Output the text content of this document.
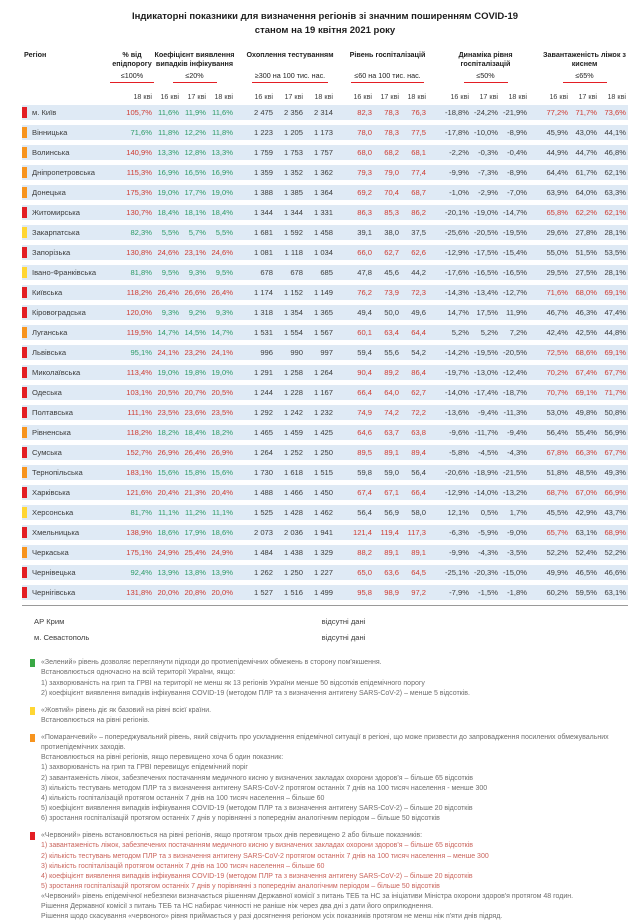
Індикаторні показники для визначення регіонів зі значним поширенням COVID-19
станом на 19 квітня 2021 року
Регіон	% від епідпорогу
Коефіцієнт виявлення випадків інфікування
Охоплення тестуванням	Рівень госпіталізацій	Динаміка рівня госпіталізацій
Завантаженість ліжок з киснем
≤100%	≤20%	≥300 на 100 тис. нас.	≤60 на 100 тис. нас.	≤50%	≤65%
18 кві	16 кві	17 кві	18 кві	16 кві	17 кві	18 кві	16 кві	17 кві	18 кві	16 кві	17 кві	18 кві	16 кві	17 кві	18 кві
м. Київ	105,7% 11,6% 11,9% 11,6%	2 475	2 356	2 314	82,3	78,3	76,3	-18,8% -24,2% -21,9%	77,2% 71,7% 73,6%
Вінницька	71,6% 11,8% 12,2% 11,8%	1 223	1 205	1 173	78,0	78,3	77,5	-17,8% -10,0%	-8,9%	45,9% 43,0% 44,1%
Волинська	140,9% 13,3% 12,8% 13,3%	1 759	1 753	1 757	68,0	68,2	68,1	-2,2%	-0,3%	-0,4%	44,9% 44,7% 46,8%
Дніпропетровська	115,3% 16,9% 16,5% 16,9%	1 359	1 352	1 362	79,3	79,0	77,4	-9,9%	-7,3%	-8,9%	64,4% 61,7% 62,1%
Донецька	175,3% 19,0% 17,7% 19,0%	1 388	1 385	1 364	69,2	70,4	68,7	-1,0%	-2,9%	-7,0%	63,9% 64,0% 63,3%
Житомирська	130,7% 18,4% 18,1% 18,4%	1 344	1 344	1 331	86,3	85,3	86,2	-20,1% -19,0% -14,7%	65,8% 62,2% 62,1%
Закарпатська	82,3%	5,5%	5,7%	5,5%	1 681	1 592	1 458	39,1	38,0	37,5	-25,6% -20,5% -19,5%	29,6% 27,8% 28,1%
Запорізька	130,8% 24,6% 23,1% 24,6%	1 081	1 118	1 034	66,0	62,7	62,6	-12,9% -17,5% -15,4%	55,0% 51,5% 53,5%
Івано-Франківська	81,8%	9,5%	9,3%	9,5%	678	678	685	47,8	45,6	44,2	-17,6% -16,5% -16,5%	29,5% 27,5% 28,1%
Київська	118,2% 26,4% 26,6% 26,4%	1 174	1 152	1 149	76,2	73,9	72,3	-14,3% -13,4% -12,7%	71,6% 68,0% 69,1%
Кіровоградська	120,0%	9,3%	9,2%	9,3%	1 318	1 354	1 365	49,4	50,0	49,6	14,7% 17,5%	11,9%	46,7% 46,3% 47,4%
Луганська	119,5% 14,7% 14,5% 14,7%	1 531	1 554	1 567	60,1	63,4	64,4	5,2%	5,2%	7,2%	42,4% 42,5% 44,8%
Львівська	95,1% 24,1% 23,2% 24,1%	996	990	997	59,4	55,6	54,2	-14,2% -19,5% -20,5%	72,5% 68,6% 69,1%
Миколаївська	113,4% 19,0% 19,8% 19,0%	1 291	1 258	1 264	90,4	89,2	86,4	-19,7% -13,0% -12,4%	70,2% 67,4% 67,7%
Одеська	103,1% 20,5% 20,7% 20,5%	1 244	1 228	1 167	66,4	64,0	62,7	-14,0% -17,4% -18,7%	70,7% 69,1% 71,7%
Полтавська	111,1% 23,5% 23,6% 23,5%	1 292	1 242	1 232	74,9	74,2	72,2	-13,6%	-9,4% -11,3%	53,0% 49,8% 50,8%
Рівненська	118,2% 18,2% 18,4% 18,2%	1 465	1 459	1 425	64,6	63,7	63,8	-9,6% -11,7%	-9,4%	56,4% 55,4% 56,9%
Сумська	152,7% 26,9% 26,4% 26,9%	1 264	1 252	1 250	89,5	89,1	89,4	-5,8%	-4,5%	-4,3%	67,8% 66,3% 67,7%
Тернопільська	183,1% 15,6% 15,8% 15,6%	1 730	1 618	1 515	59,8	59,0	56,4	-20,6% -18,9% -21,5%	51,8% 48,5% 49,3%
Харківська	121,6% 20,4% 21,3% 20,4%	1 488	1 466	1 450	67,4	67,1	66,4	-12,9% -14,0% -13,2%	68,7% 67,0% 66,9%
Херсонська	81,7% 11,1% 11,2% 11,1%	1 525	1 428	1 462	56,4	56,9	58,0	12,1%	0,5%	1,7%	45,5% 42,9% 43,7%
Хмельницька	138,9% 18,6% 17,9% 18,6%	2 073	2 036	1 941	121,4	119,4	117,3	-6,3%	-5,9%	-9,0%	65,7% 63,1% 68,9%
Черкаська	175,1% 24,9% 25,4% 24,9%	1 484	1 438	1 329	88,2	89,1	89,1	-9,9%	-4,3%	-3,5%	52,2% 52,4% 52,2%
Чернівецька	92,4% 13,9% 13,8% 13,9%	1 262	1 250	1 227	65,0	63,6	64,5	-25,1% -20,3% -15,0%	49,9% 46,5% 46,6%
Чернігівська	131,8% 20,0% 20,8% 20,0%	1 527	1 516	1 499	95,8	98,9	97,2	-7,9%	-1,5%	-1,8%	60,2% 59,5% 63,1%
АР Крим	відсутні дані
м. Севастополь	відсутні дані
«Зелений» рівень дозволяє переглянути підходи до протиепідемічних обмежень в сторону пом'якшення.
Встановлюється одночасно на всій території України, якщо:
1) захворюваність на грип та ГРВІ на території не менш як 13 регіонів України менше 50 відсотків епідемічного порогу
2) коефіцієнт виявлення випадків інфікування COVID-19 (методом ПЛР та з визначення антигену SARS-CoV-2) – менше 5 відсотків.
«Жовтий» рівень діє як базовий на рівні всієї країни.
Встановлюється на рівні регіонів.
«Помаранчевий» – попереджувальний рівень, який свідчить про ускладнення епідемічної ситуації в регіоні, що може призвести до запровадження посилених обмежувальних протиепідемічних заходів.
Встановлюється на рівні регіонів, якщо перевищено хоча б один показник:
1) захворюваність на грип та ГРВІ перевищує епідемічний поріг
2) завантаженість ліжок, забезпечених постачанням медичного кисню у визначених закладах охорони здоров'я – більше 65 відсотків
3) кількість тестувань методом ПЛР та з визначення антигену SARS-CoV-2 протягом останніх 7 днів на 100 тисяч населення - менше 300
4) кількість госпіталізацій протягом останніх 7 днів на 100 тисяч населення – більше 60
5) коефіцієнт виявлення випадків інфікування COVID-19 (методом ПЛР та з визначення антигену SARS-CoV-2) – більше 20 відсотків
6) зростання госпіталізацій протягом останніх 7 днів у порівнянні з попереднім аналогічним періодом – більше 50 відсотків
«Червоний» рівень встановлюється на рівні регіонів, якщо протягом трьох днів перевищено 2 або більше показників:
1) завантаженість ліжок, забезпечених постачанням медичного кисню у визначених закладах охорони здоров'я – більше 65 відсотків
2) кількість тестувань методом ПЛР та з визначення антигену SARS-CoV-2 протягом останніх 7 днів на 100 тисяч населення – менше 300
3) кількість госпіталізацій протягом останніх 7 днів на 100 тисяч населення – більше 60
4) коефіцієнт виявлення випадків інфікування COVID-19 (методом ПЛР та з визначення антигену SARS-CoV-2) – більше 20 відсотків
5) зростання госпіталізацій протягом останніх 7 днів у порівнянні з попереднім аналогічним періодом – більше 50 відсотків
«Червоний» рівень епідемічної небезпеки визначається рішенням Державної комісії з питань ТЕБ та НС за ініціативи Міністра охорони здоров'я протягом 48 годин.
Рішення Державної комісії з питань ТЕБ та НС набирає чинності не раніше ніж через два дні з дати його оприлюднення.
Рішення щодо скасування «червоного» рівня приймається у разі досягнення регіоном усіх показників протягом не менш ніж п'яти днів підряд.
